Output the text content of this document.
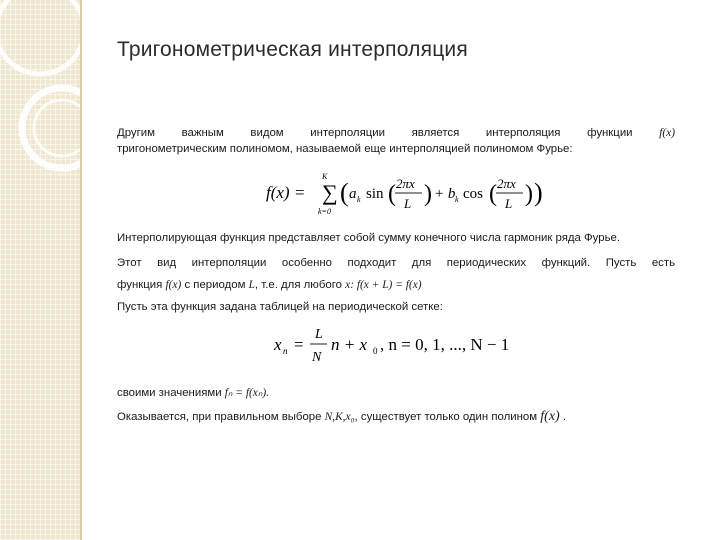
Тригонометрическая интерполяция

Другим важным видом интерполяции является интерполяция функции f(x)

тригонометрическим полиномом, называемой еще интерполяцией полиномом Фурье:

f(x) =
K
∑
k=0
( a k sin ( 2πx
L ) + b k cos ( 2πx
L ) )

Интерполирующая функция представляет собой сумму конечного числа гармоник ряда Фурье.

Этот вид интерполяции особенно подходит для периодических функций. Пусть есть

функция f(x) с периодом L, т.е. для любого x: f(x + L) = f(x)

Пусть эта функция задана таблицей на периодической сетке:

x n =
L
N
n + x 0 , n = 0, 1, ..., N − 1

своими значениями fₙ = f(xₙ).

Оказывается, при правильном выборе N,K,x₀, существует только один полином f(x) .
